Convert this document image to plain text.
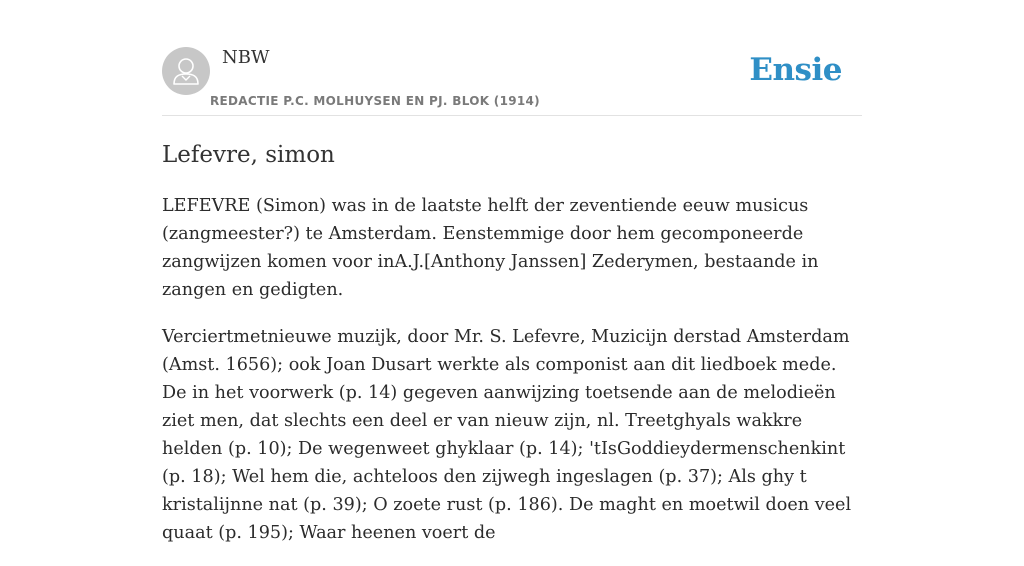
NBW
REDACTIE P.C. MOLHUYSEN EN PJ. BLOK (1914)
Ensie
Lefevre, simon

LEFEVRE (Simon) was in de laatste helft der zeventiende eeuw musicus (zangmeester?) te Amsterdam. Eenstemmige door hem gecomponeerde zangwijzen komen voor inA.J.[Anthony Janssen] Zederymen, bestaande in zangen en gedigten.

Verciertmetnieuwe muzijk, door Mr. S. Lefevre, Muzicijn derstad Amsterdam (Amst. 1656); ook Joan Dusart werkte als componist aan dit liedboek mede. De in het voorwerk (p. 14) gegeven aanwijzing toetsende aan de melodieën ziet men, dat slechts een deel er van nieuw zijn, nl. Treetghyals wakkre helden (p. 10); De wegenweet ghyklaar (p. 14); 'tIsGoddieydermenschenkint (p. 18); Wel hem die, achteloos den zijwegh ingeslagen (p. 37); Als ghy t kristalijnne nat (p. 39); O zoete rust (p. 186). De maght en moetwil doen veel quaat (p. 195); Waar heenen voert de
